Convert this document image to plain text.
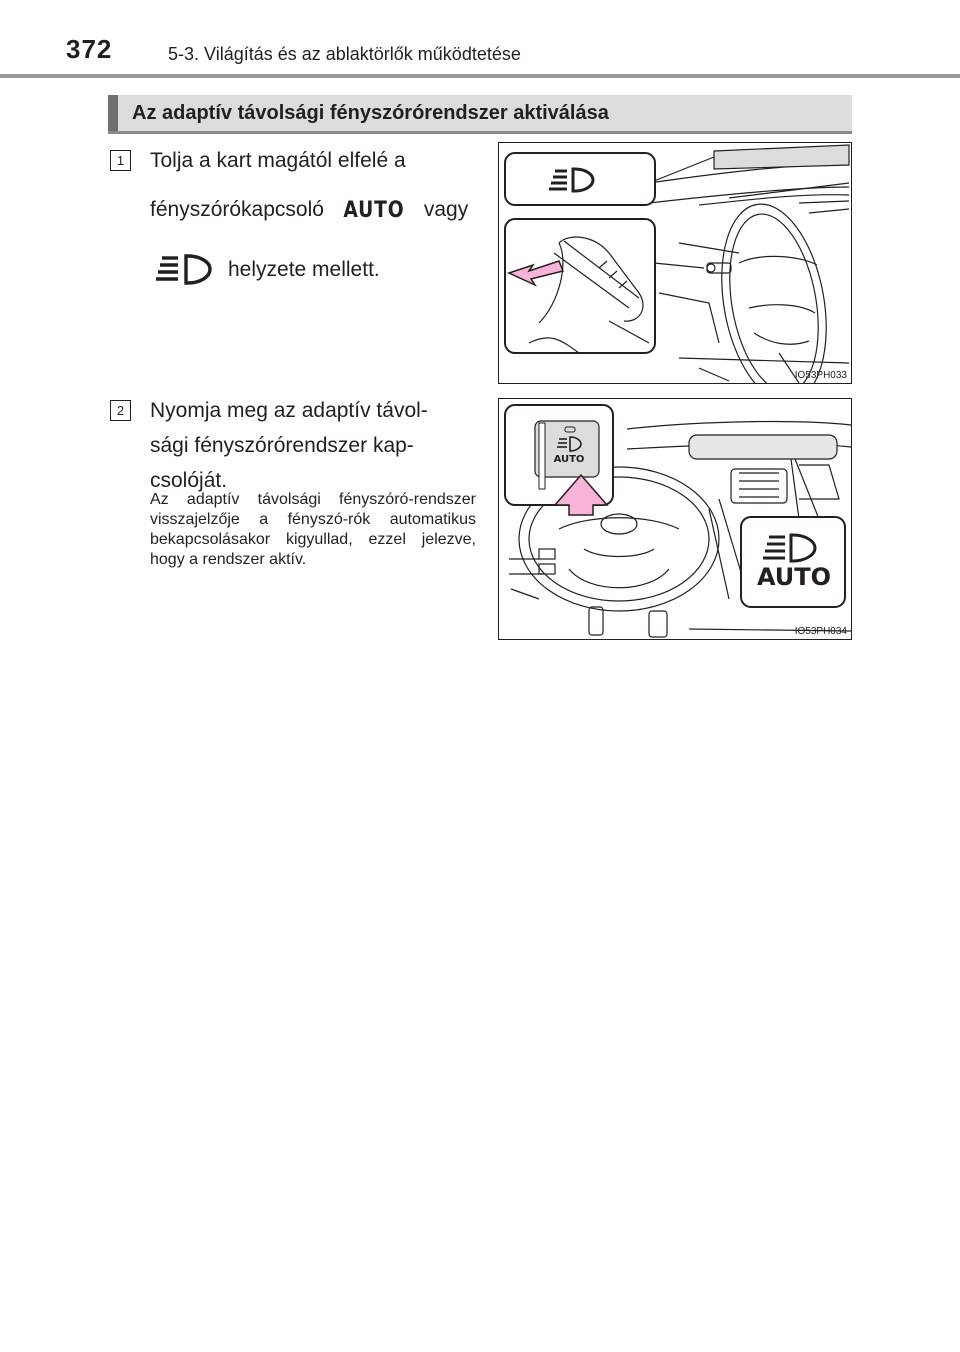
372	5-3. Világítás és az ablaktörlők működtetése
Az adaptív távolsági fényszórórendszer aktiválása
1	Tolja a kart magától elfelé a
fényszórókapcsoló AUTO vagy
helyzete mellett.
IO53PH033
2	Nyomja meg az adaptív távol-
sági fényszórórendszer kap-
csolóját.
Az adaptív távolsági fényszóró-rendszer visszajelzője a fényszó-rók automatikus bekapcsolásakor kigyullad, ezzel jelezve, hogy a rendszer aktív.
AUTO
AUTO
IO53PH034
